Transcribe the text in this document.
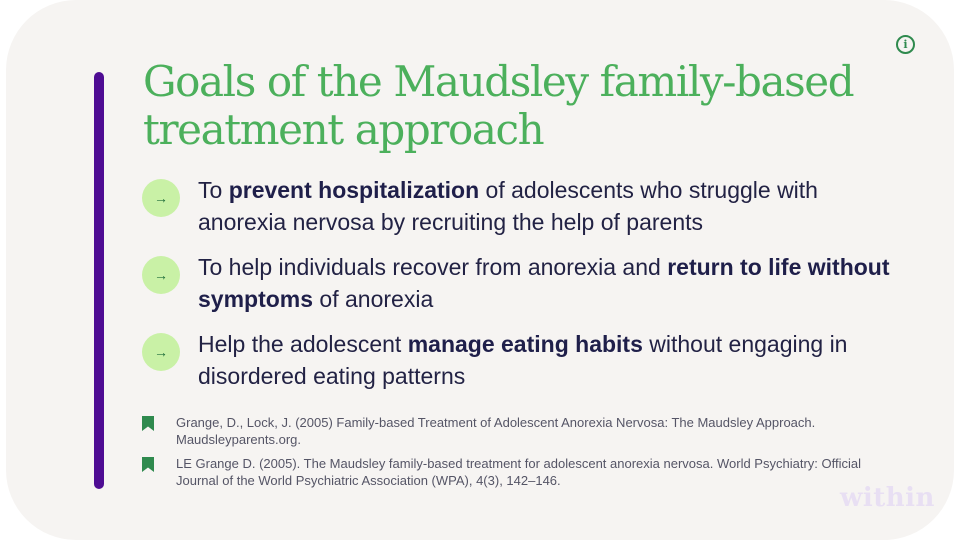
i
Goals of the Maudsley family-based treatment approach
→	To prevent hospitalization of adolescents who struggle with anorexia nervosa by recruiting the help of parents
→	To help individuals recover from anorexia and return to life without symptoms of anorexia
→	Help the adolescent manage eating habits without engaging in disordered eating patterns
Grange, D., Lock, J. (2005) Family-based Treatment of Adolescent Anorexia Nervosa: The Maudsley Approach. Maudsleyparents.org.
LE Grange D. (2005). The Maudsley family-based treatment for adolescent anorexia nervosa. World Psychiatry: Official Journal of the World Psychiatric Association (WPA), 4(3), 142–146.
within
